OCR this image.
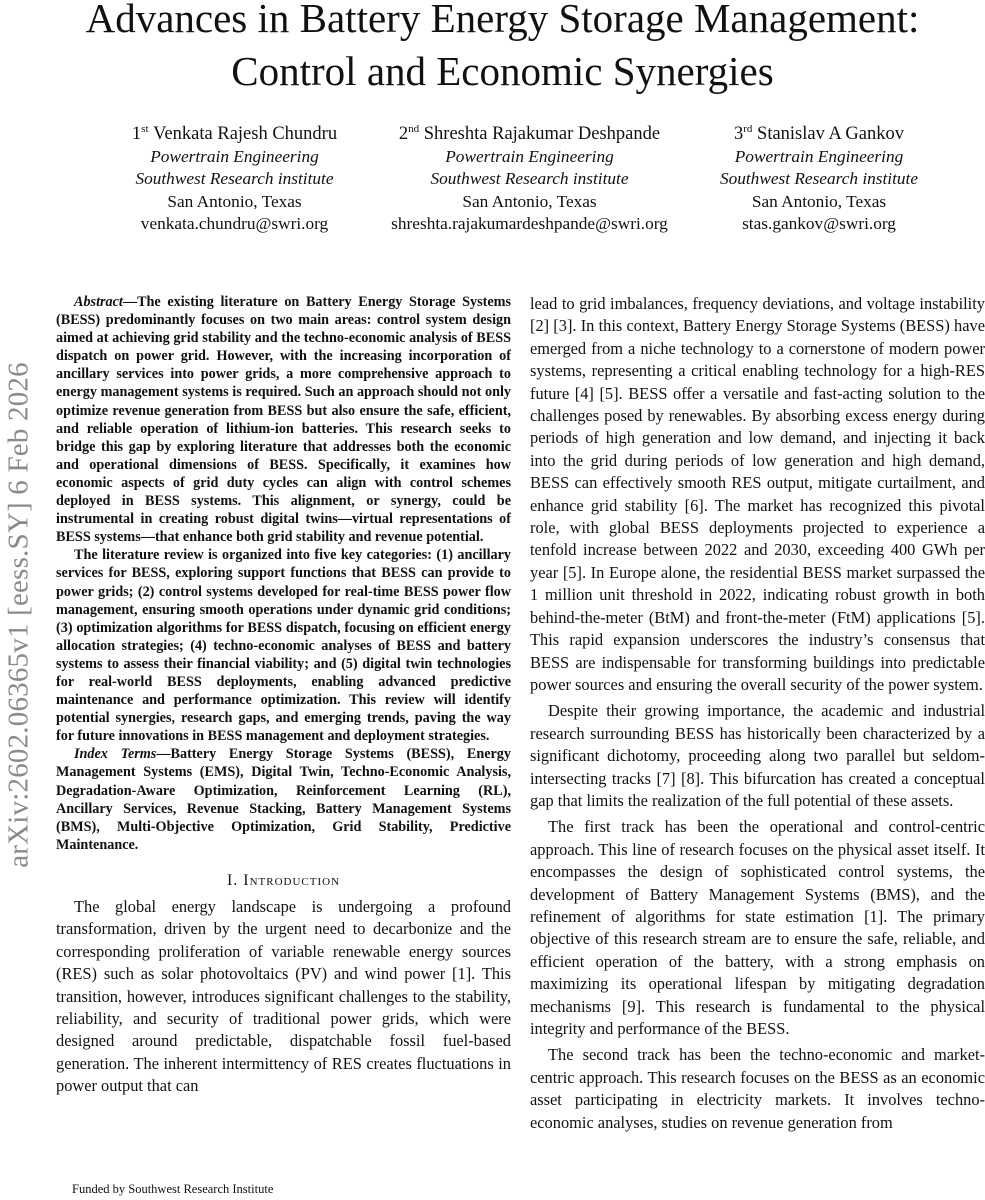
arXiv:2602.06365v1 [eess.SY] 6 Feb 2026
Advances in Battery Energy Storage Management:
Control and Economic Synergies
1st Venkata Rajesh Chundru
Powertrain Engineering
Southwest Research institute
San Antonio, Texas
venkata.chundru@swri.org
2nd Shreshta Rajakumar Deshpande
Powertrain Engineering
Southwest Research institute
San Antonio, Texas
shreshta.rajakumardeshpande@swri.org
3rd Stanislav A Gankov
Powertrain Engineering
Southwest Research institute
San Antonio, Texas
stas.gankov@swri.org

Abstract—The existing literature on Battery Energy Storage Systems (BESS) predominantly focuses on two main areas: control system design aimed at achieving grid stability and the techno-economic analysis of BESS dispatch on power grid. However, with the increasing incorporation of ancillary services into power grids, a more comprehensive approach to energy management systems is required. Such an approach should not only optimize revenue generation from BESS but also ensure the safe, efficient, and reliable operation of lithium-ion batteries. This research seeks to bridge this gap by exploring literature that addresses both the economic and operational dimensions of BESS. Specifically, it examines how economic aspects of grid duty cycles can align with control schemes deployed in BESS systems. This alignment, or synergy, could be instrumental in creating robust digital twins—virtual representations of BESS systems—that enhance both grid stability and revenue potential.

The literature review is organized into five key categories: (1) ancillary services for BESS, exploring support functions that BESS can provide to power grids; (2) control systems developed for real-time BESS power flow management, ensuring smooth operations under dynamic grid conditions; (3) optimization algorithms for BESS dispatch, focusing on efficient energy allocation strategies; (4) techno-economic analyses of BESS and battery systems to assess their financial viability; and (5) digital twin technologies for real-world BESS deployments, enabling advanced predictive maintenance and performance optimization. This review will identify potential synergies, research gaps, and emerging trends, paving the way for future innovations in BESS management and deployment strategies.

Index Terms—Battery Energy Storage Systems (BESS), Energy Management Systems (EMS), Digital Twin, Techno-Economic Analysis, Degradation-Aware Optimization, Reinforcement Learning (RL), Ancillary Services, Revenue Stacking, Battery Management Systems (BMS), Multi-Objective Optimization, Grid Stability, Predictive Maintenance.

I. Introduction

The global energy landscape is undergoing a profound transformation, driven by the urgent need to decarbonize and the corresponding proliferation of variable renewable energy sources (RES) such as solar photovoltaics (PV) and wind power [1]. This transition, however, introduces significant challenges to the stability, reliability, and security of traditional power grids, which were designed around predictable, dispatchable fossil fuel-based generation. The inherent intermittency of RES creates fluctuations in power output that can

lead to grid imbalances, frequency deviations, and voltage instability [2] [3]. In this context, Battery Energy Storage Systems (BESS) have emerged from a niche technology to a cornerstone of modern power systems, representing a critical enabling technology for a high-RES future [4] [5]. BESS offer a versatile and fast-acting solution to the challenges posed by renewables. By absorbing excess energy during periods of high generation and low demand, and injecting it back into the grid during periods of low generation and high demand, BESS can effectively smooth RES output, mitigate curtailment, and enhance grid stability [6]. The market has recognized this pivotal role, with global BESS deployments projected to experience a tenfold increase between 2022 and 2030, exceeding 400 GWh per year [5]. In Europe alone, the residential BESS market surpassed the 1 million unit threshold in 2022, indicating robust growth in both behind-the-meter (BtM) and front-the-meter (FtM) applications [5]. This rapid expansion underscores the industry’s consensus that BESS are indispensable for transforming buildings into predictable power sources and ensuring the overall security of the power system.

Despite their growing importance, the academic and industrial research surrounding BESS has historically been characterized by a significant dichotomy, proceeding along two parallel but seldom-intersecting tracks [7] [8]. This bifurcation has created a conceptual gap that limits the realization of the full potential of these assets.

The first track has been the operational and control-centric approach. This line of research focuses on the physical asset itself. It encompasses the design of sophisticated control systems, the development of Battery Management Systems (BMS), and the refinement of algorithms for state estimation [1]. The primary objective of this research stream are to ensure the safe, reliable, and efficient operation of the battery, with a strong emphasis on maximizing its operational lifespan by mitigating degradation mechanisms [9]. This research is fundamental to the physical integrity and performance of the BESS.

The second track has been the techno-economic and market-centric approach. This research focuses on the BESS as an economic asset participating in electricity markets. It involves techno-economic analyses, studies on revenue generation from

Funded by Southwest Research Institute
